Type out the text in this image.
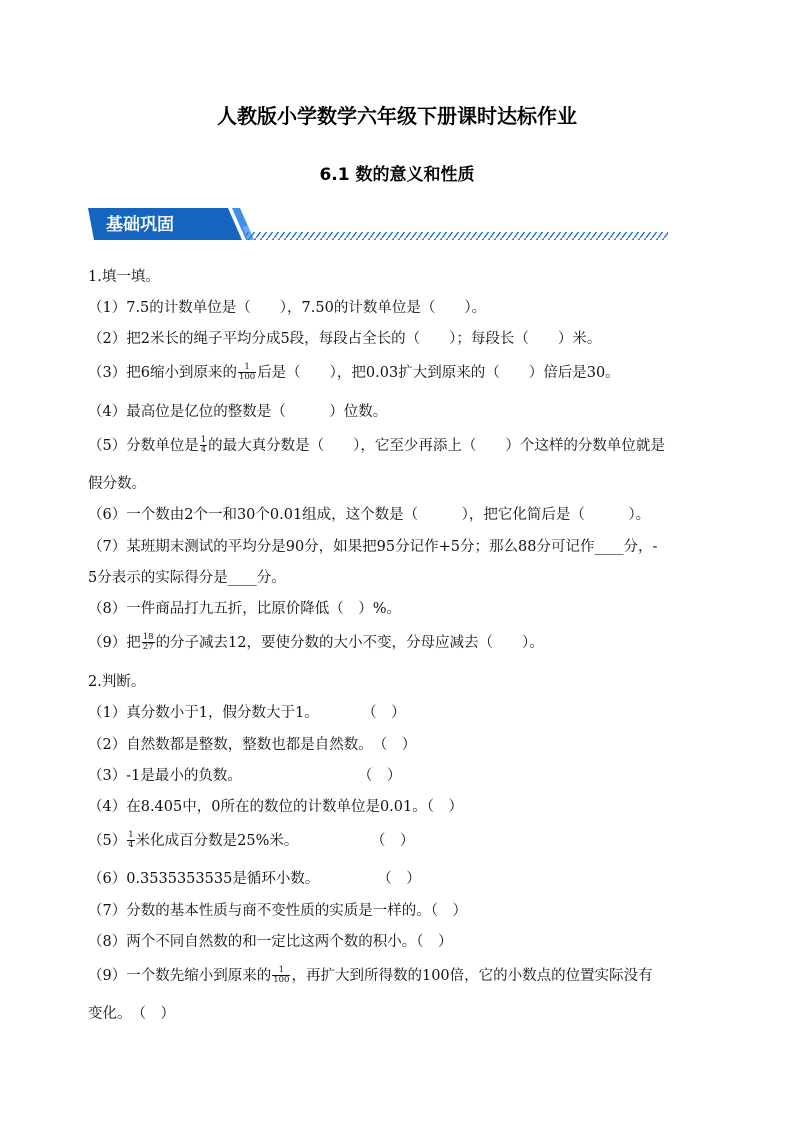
人教版小学数学六年级下册课时达标作业
6.1 数的意义和性质
基础巩固
1.填一填。
（1）7.5的计数单位是（　　），7.50的计数单位是（　　）。
（2）把2米长的绳子平均分成5段，每段占全长的（　　）；每段长（　　）米。
（3）把6缩小到原来的 $\frac{1}{100}$ 后是（　　），把0.03扩大到原来的（　　）倍后是30。
（4）最高位是亿位的整数是（　　　）位数。
（5）分数单位是 $\frac{1}{4}$ 的最大真分数是（　　），它至少再添上（　　）个这样的分数单位就是
假分数。
（6）一个数由2个一和30个0.01组成，这个数是（　　　），把它化简后是（　　　）。
（7）某班期末测试的平均分是90分，如果把95分记作+5分；那么88分可记作____分，-
5分表示的实际得分是____分。
（8）一件商品打九五折，比原价降低（　）%。
（9）把 $\frac{18}{27}$ 的分子减去12，要使分数的大小不变，分母应减去（　　）。
2.判断。
（1）真分数小于1，假分数大于1。　　　　（　）
（2）自然数都是整数，整数也都是自然数。　（　）
（3）-1是最小的负数。　　　　　　　　　（　）
（4）在8.405中，0所在的数位的计数单位是0.01。（　）
$(5) \frac{1}{4}$ 米化成百分数是25%米。　　　　　　（　）
（6）0.3535353535是循环小数。　　　　　（　）
（7）分数的基本性质与商不变性质的实质是一样的。（　）
（8）两个不同自然数的和一定比这两个数的积小。（　）
（9）一个数先缩小到原来的 $\frac{1}{100}$ ，再扩大到所得数的100倍，它的小数点的位置实际没有
变化。　（　）
